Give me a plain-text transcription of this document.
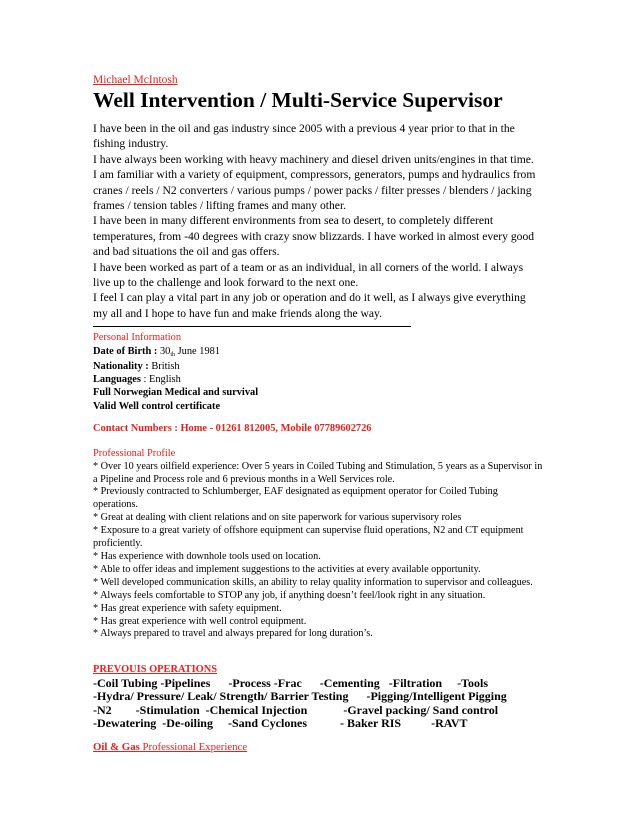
Michael McIntosh
Well Intervention / Multi-Service Supervisor

I have been in the oil and gas industry since 2005 with a previous 4 year prior to that in the fishing industry.

I have always been working with heavy machinery and diesel driven units/engines in that time.

I am familiar with a variety of equipment, compressors, generators, pumps and hydraulics from cranes / reels / N2 converters / various pumps / power packs / filter presses / blenders / jacking frames / tension tables / lifting frames and many other.

I have been in many different environments from sea to desert, to completely different temperatures, from -40 degrees with crazy snow blizzards. I have worked in almost every good and bad situations the oil and gas offers.

I have been worked as part of a team or as an individual, in all corners of the world. I always live up to the challenge and look forward to the next one.

I feel I can play a vital part in any job or operation and do it well, as I always give everything my all and I hope to have fun and make friends along the way.

Personal Information
Date of Birth : 30th June 1981
Nationality : British
Languages : English
Full Norwegian Medical and survival
Valid Well control certificate
Contact Numbers : Home - 01261 812005, Mobile 07789602726
Professional Profile

* Over 10 years oilfield experience: Over 5 years in Coiled Tubing and Stimulation, 5 years as a Supervisor in a Pipeline and Process role and 6 previous months in a Well Services role.

* Previously contracted to Schlumberger, EAF designated as equipment operator for Coiled Tubing operations.

* Great at dealing with client relations and on site paperwork for various supervisory roles

* Exposure to a great variety of offshore equipment can supervise fluid operations, N2 and CT equipment proficiently.

* Has experience with downhole tools used on location.

* Able to offer ideas and implement suggestions to the activities at every available opportunity.

* Well developed communication skills, an ability to relay quality information to supervisor and colleagues.

* Always feels comfortable to STOP any job, if anything doesn’t feel/look right in any situation.

* Has great experience with safety equipment.

* Has great experience with well control equipment.

* Always prepared to travel and always prepared for long duration’s.

PREVOUIS OPERATIONS
-Coil Tubing -Pipelines      -Process -Frac      -Cementing   -Filtration     -Tools
-Hydra/ Pressure/ Leak/ Strength/ Barrier Testing      -Pigging/Intelligent Pigging
-N2        -Stimulation  -Chemical Injection            -Gravel packing/ Sand control
-Dewatering  -De-oiling     -Sand Cyclones           - Baker RIS          -RAVT
Oil & Gas Professional Experience
